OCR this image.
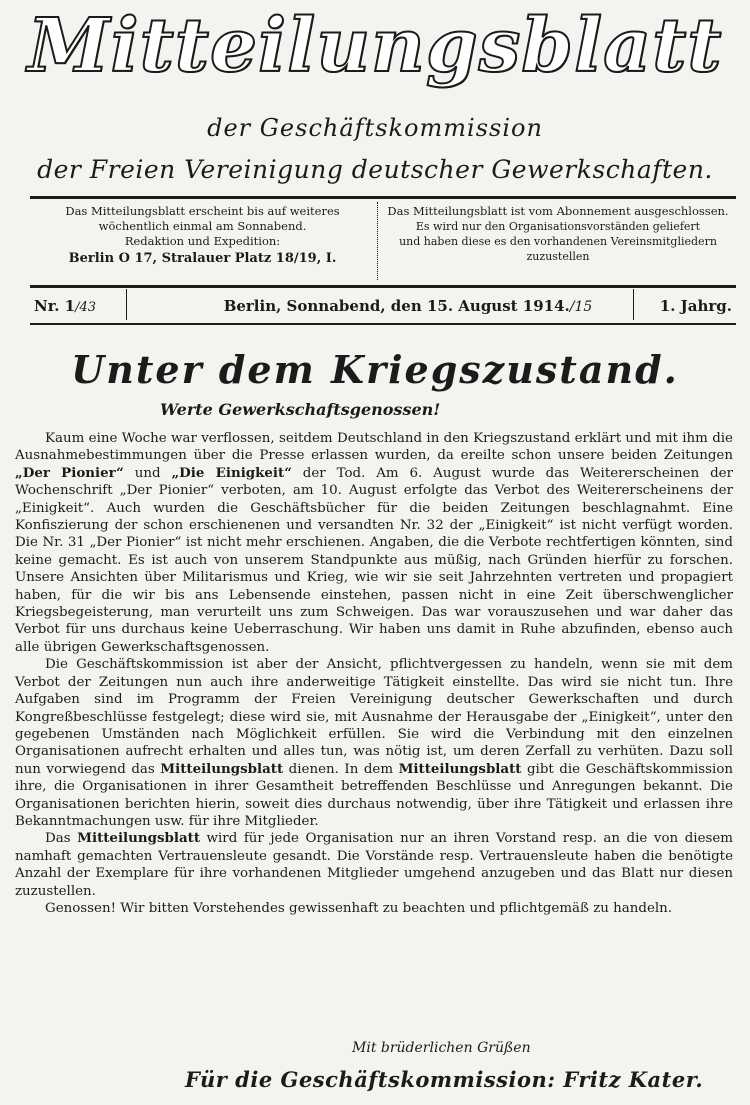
Mitteilungsblatt
der Geschäftskommission
der Freien Vereinigung deutscher Gewerkschaften.
Das Mitteilungsblatt erscheint bis auf weiteres
wöchentlich einmal am Sonnabend.
Redaktion und Expedition:
Berlin O 17, Stralauer Platz 18/19, I.
Das Mitteilungsblatt ist vom Abonnement ausgeschlossen.
Es wird nur den Organisationsvorständen geliefert
und haben diese es den vorhandenen Vereinsmitgliedern
zuzustellen
Nr. 1/43	Berlin, Sonnabend, den 15. August 1914./15	1. Jahrg.
Unter dem Kriegszustand.
Werte Gewerkschaftsgenossen!

Kaum eine Woche war verflossen, seitdem Deutschland in den Kriegszustand erklärt und mit ihm die Ausnahmebestimmungen über die Presse erlassen wurden, da ereilte schon unsere beiden Zeitungen „Der Pionier“ und „Die Einigkeit“ der Tod. Am 6. August wurde das Weitererscheinen der Wochenschrift „Der Pionier“ verboten, am 10. August erfolgte das Verbot des Weitererscheinens der „Einigkeit“. Auch wurden die Geschäftsbücher für die beiden Zeitungen beschlagnahmt. Eine Konfiszierung der schon erschienenen und versandten Nr. 32 der „Einigkeit“ ist nicht verfügt worden. Die Nr. 31 „Der Pionier“ ist nicht mehr erschienen. Angaben, die die Verbote rechtfertigen könnten, sind keine gemacht. Es ist auch von unserem Standpunkte aus müßig, nach Gründen hierfür zu forschen. Unsere Ansichten über Militarismus und Krieg, wie wir sie seit Jahrzehnten vertreten und propagiert haben, für die wir bis ans Lebensende einstehen, passen nicht in eine Zeit überschwenglicher Kriegsbegeisterung, man verurteilt uns zum Schweigen. Das war vorauszusehen und war daher das Verbot für uns durchaus keine Ueberraschung. Wir haben uns damit in Ruhe abzufinden, ebenso auch alle übrigen Gewerkschaftsgenossen.

Die Geschäftskommission ist aber der Ansicht, pflichtvergessen zu handeln, wenn sie mit dem Verbot der Zeitungen nun auch ihre anderweitige Tätigkeit einstellte. Das wird sie nicht tun. Ihre Aufgaben sind im Programm der Freien Vereinigung deutscher Gewerkschaften und durch Kongreßbeschlüsse festgelegt; diese wird sie, mit Ausnahme der Herausgabe der „Einigkeit“, unter den gegebenen Umständen nach Möglichkeit erfüllen. Sie wird die Verbindung mit den einzelnen Organisationen aufrecht erhalten und alles tun, was nötig ist, um deren Zerfall zu verhüten. Dazu soll nun vorwiegend das Mitteilungsblatt dienen. In dem Mitteilungsblatt gibt die Geschäftskommission ihre, die Organisationen in ihrer Gesamtheit betreffenden Beschlüsse und Anregungen bekannt. Die Organisationen berichten hierin, soweit dies durchaus notwendig, über ihre Tätigkeit und erlassen ihre Bekanntmachungen usw. für ihre Mitglieder.

Das Mitteilungsblatt wird für jede Organisation nur an ihren Vorstand resp. an die von diesem namhaft gemachten Vertrauensleute gesandt. Die Vorstände resp. Vertrauensleute haben die benötigte Anzahl der Exemplare für ihre vorhandenen Mitglieder umgehend anzugeben und das Blatt nur diesen zuzustellen.

Genossen! Wir bitten Vorstehendes gewissenhaft zu beachten und pflichtgemäß zu handeln.

Mit brüderlichen Grüßen
Für die Geschäftskommission: Fritz Kater.
